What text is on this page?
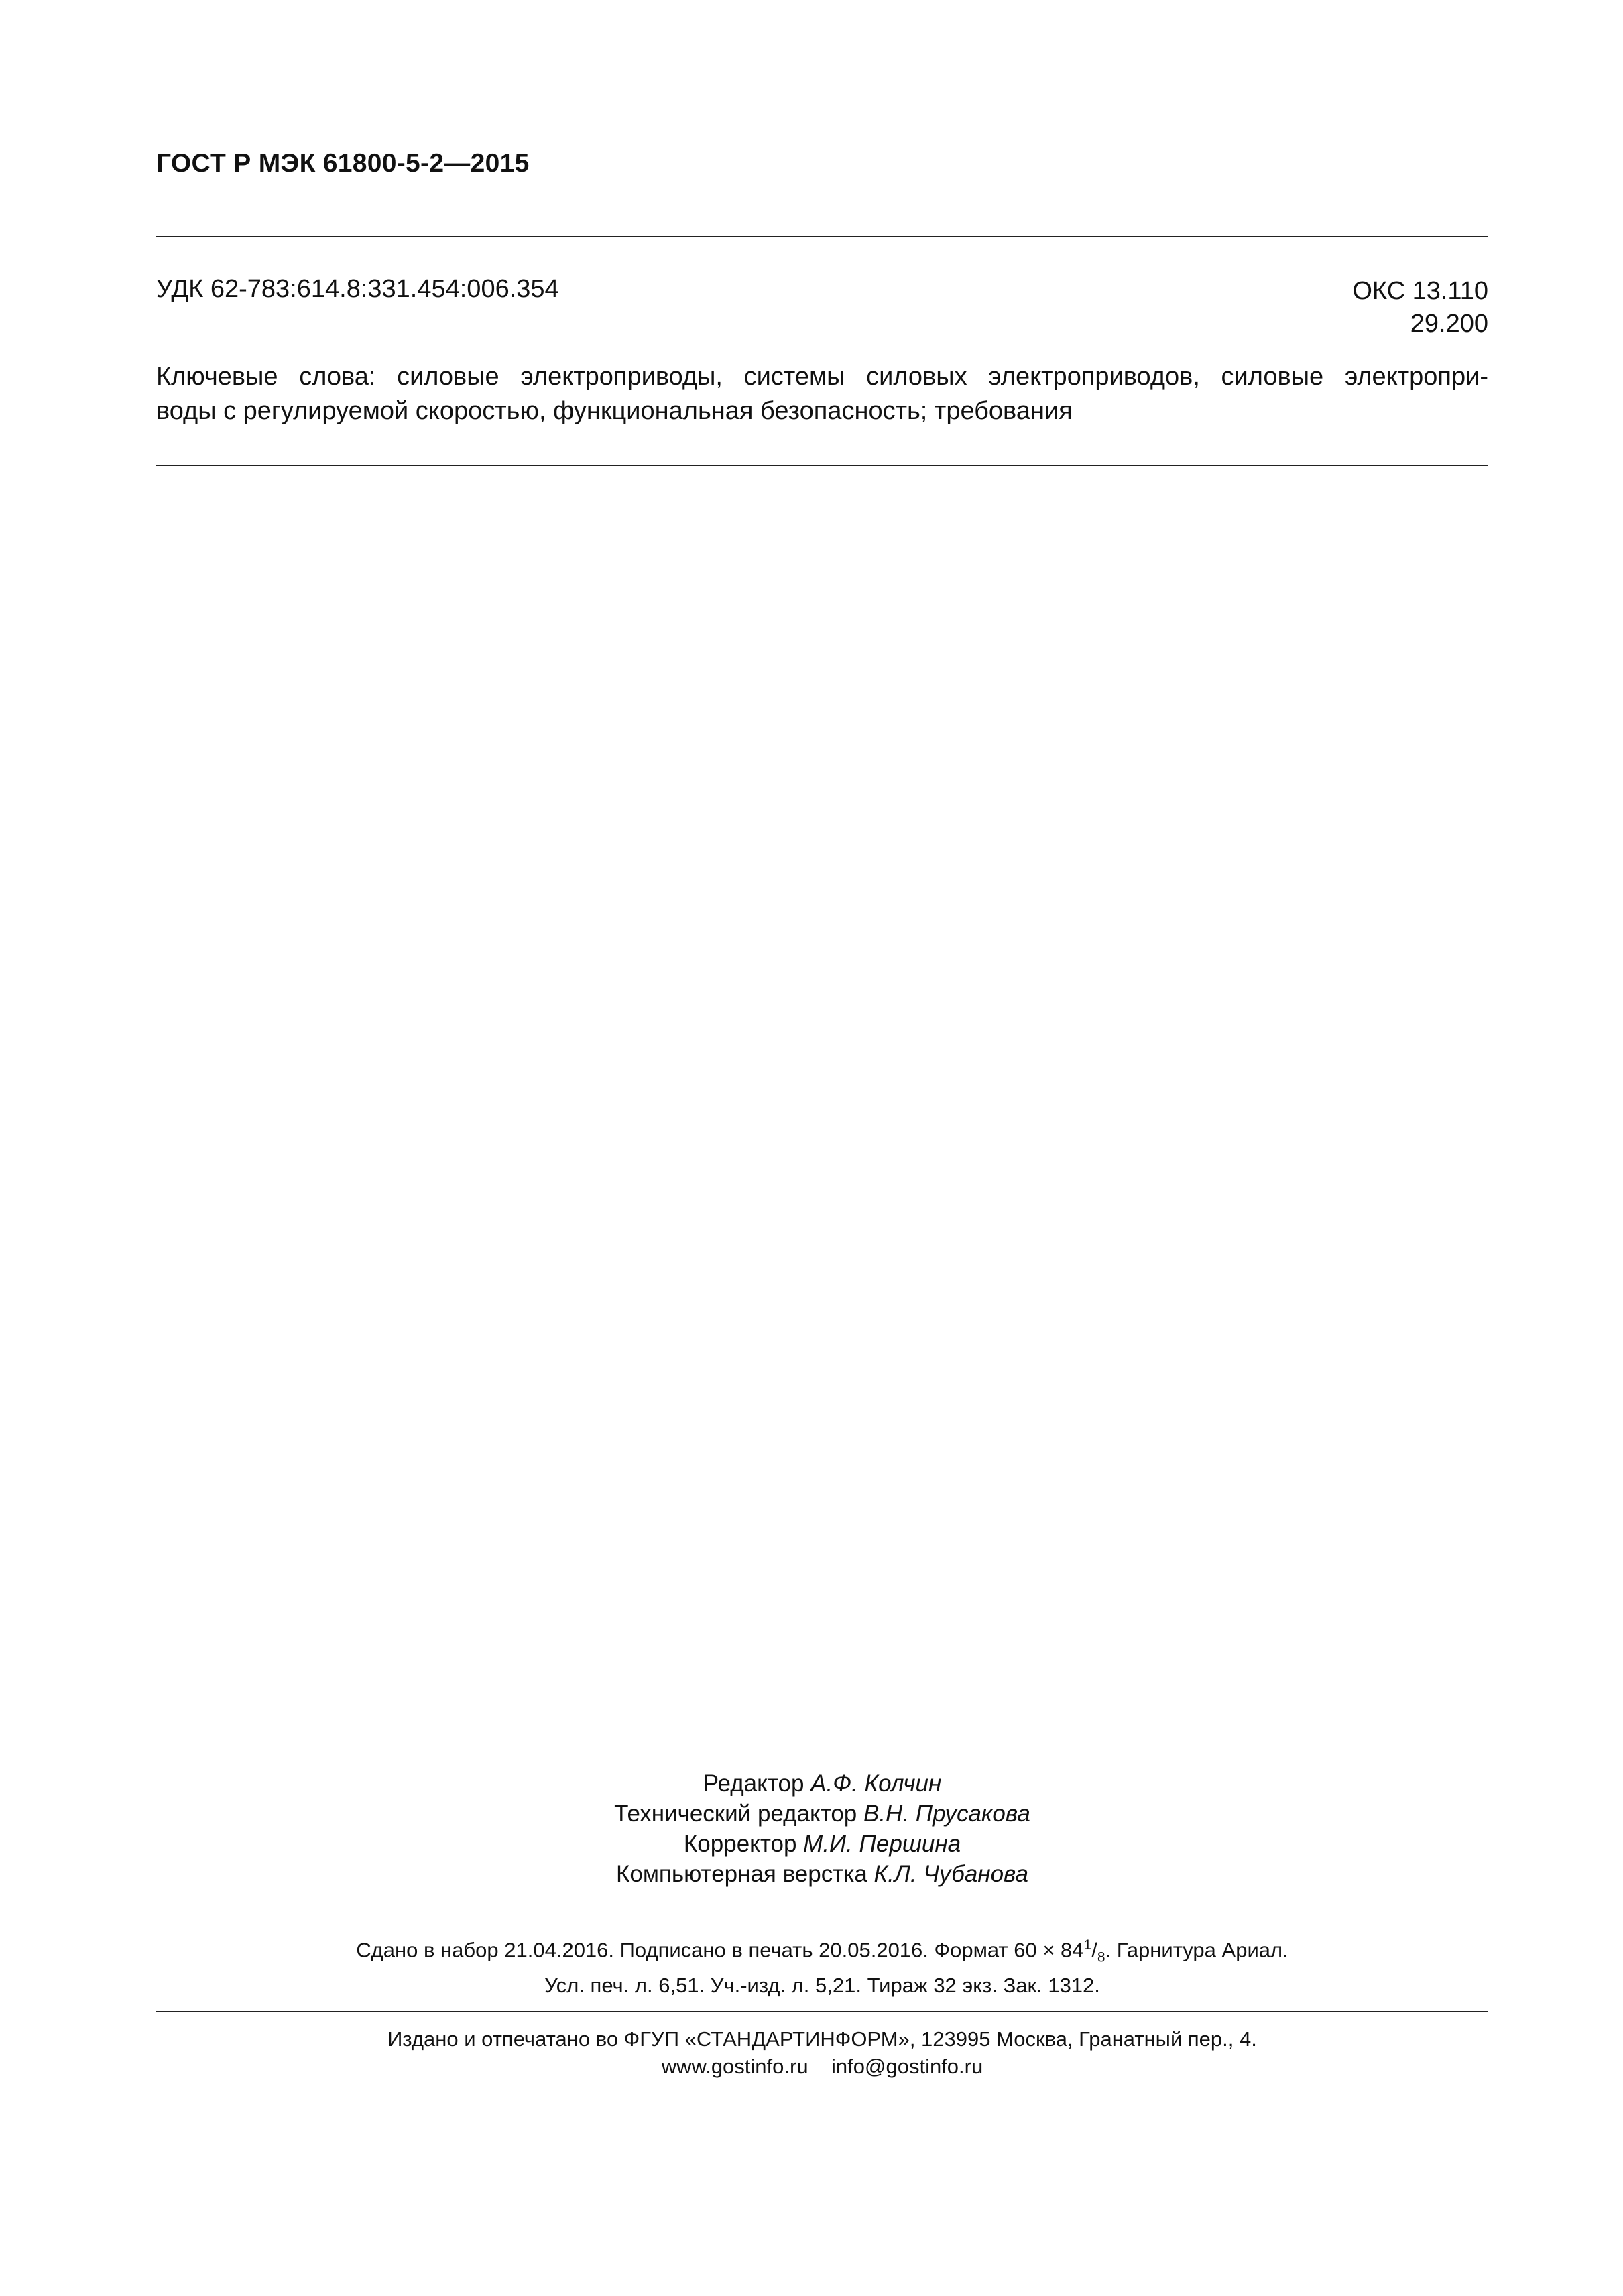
ГОСТ Р МЭК 61800-5-2—2015
УДК 62-783:614.8:331.454:006.354	ОКС 13.110
29.200
Ключевые слова: силовые электроприводы, системы силовых электроприводов, силовые электропри-
воды с регулируемой скоростью, функциональная безопасность; требования
Редактор А.Ф. Колчин
Технический редактор В.Н. Прусакова
Корректор М.И. Першина
Компьютерная верстка К.Л. Чубанова
Сдано в набор 21.04.2016. Подписано в печать 20.05.2016. Формат $60 \times 84^1/_8$. Гарнитура Ариал.
Усл. печ. л. 6,51. Уч.-изд. л. 5,21. Тираж 32 экз. Зак. 1312.
Издано и отпечатано во ФГУП «СТАНДАРТИНФОРМ», 123995 Москва, Гранатный пер., 4.
www.gostinfo.ru    info@gostinfo.ru
